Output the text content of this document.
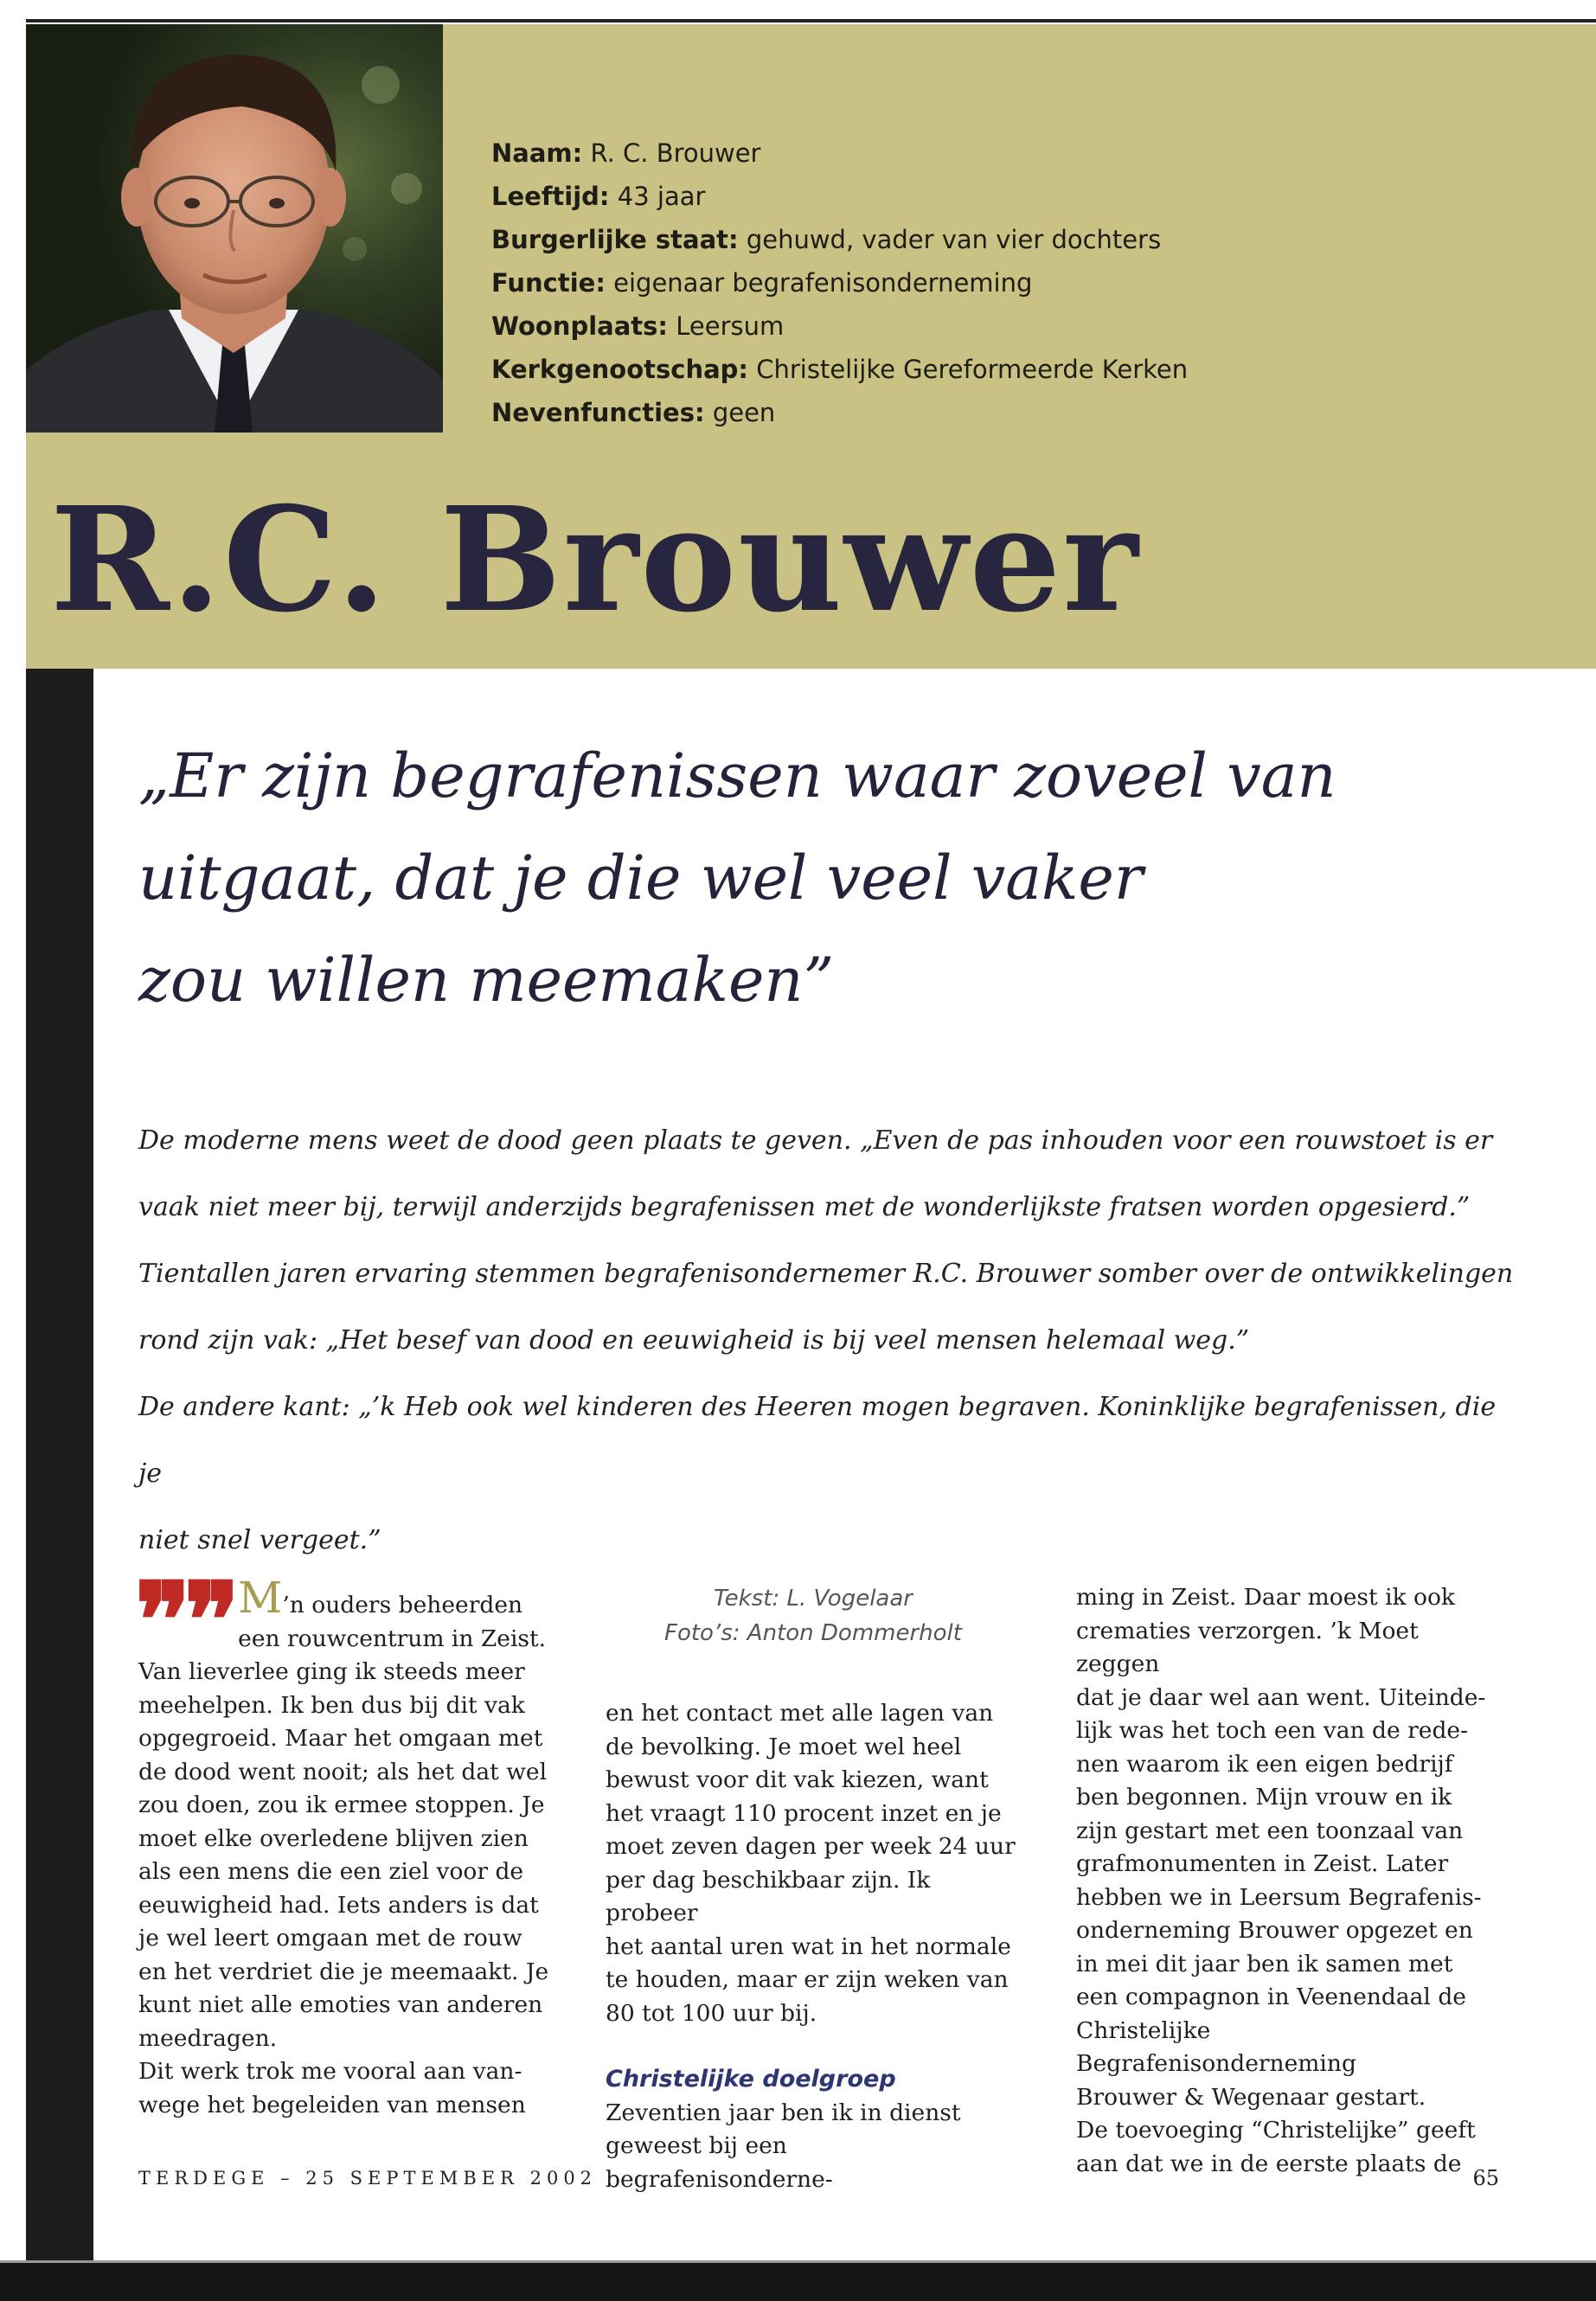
Naam: R. C. Brouwer
Leeftijd: 43 jaar
Burgerlijke staat: gehuwd, vader van vier dochters
Functie: eigenaar begrafenisonderneming
Woonplaats: Leersum
Kerkgenootschap: Christelijke Gereformeerde Kerken
Nevenfuncties: geen
R.C. Brouwer
„Er zijn begrafenissen waar zoveel van
uitgaat, dat je die wel veel vaker
zou willen meemaken”

De moderne mens weet de dood geen plaats te geven. „Even de pas inhouden voor een rouwstoet is er

vaak niet meer bij, terwijl anderzijds begrafenissen met de wonderlijkste fratsen worden opgesierd.”

Tientallen jaren ervaring stemmen begrafenisondernemer R.C. Brouwer somber over de ontwikkelingen

rond zijn vak: „Het besef van dood en eeuwigheid is bij veel mensen helemaal weg.”

De andere kant: „’k Heb ook wel kinderen des Heeren mogen begraven. Koninklijke begrafenissen, die je

niet snel vergeet.”

❞❞ M’n ouders beheerden

een rouwcentrum in Zeist.

Van lieverlee ging ik steeds meer

meehelpen. Ik ben dus bij dit vak

opgegroeid. Maar het omgaan met

de dood went nooit; als het dat wel

zou doen, zou ik ermee stoppen. Je

moet elke overledene blijven zien

als een mens die een ziel voor de

eeuwigheid had. Iets anders is dat

je wel leert omgaan met de rouw

en het verdriet die je meemaakt. Je

kunt niet alle emoties van anderen

meedragen.

Dit werk trok me vooral aan van-

wege het begeleiden van mensen

Tekst: L. Vogelaar
Foto’s: Anton Dommerholt

en het contact met alle lagen van

de bevolking. Je moet wel heel

bewust voor dit vak kiezen, want

het vraagt 110 procent inzet en je

moet zeven dagen per week 24 uur

per dag beschikbaar zijn. Ik probeer

het aantal uren wat in het normale

te houden, maar er zijn weken van

80 tot 100 uur bij.

Christelijke doelgroep

Zeventien jaar ben ik in dienst

geweest bij een begrafenisonderne-

ming in Zeist. Daar moest ik ook

crematies verzorgen. ’k Moet zeggen

dat je daar wel aan went. Uiteinde-

lijk was het toch een van de rede-

nen waarom ik een eigen bedrijf

ben begonnen. Mijn vrouw en ik

zijn gestart met een toonzaal van

grafmonumenten in Zeist. Later

hebben we in Leersum Begrafenis-

onderneming Brouwer opgezet en

in mei dit jaar ben ik samen met

een compagnon in Veenendaal de

Christelijke Begrafenisonderneming

Brouwer & Wegenaar gestart.

De toevoeging “Christelijke” geeft

aan dat we in de eerste plaats de

TERDEGE – 25 SEPTEMBER 2002	65
